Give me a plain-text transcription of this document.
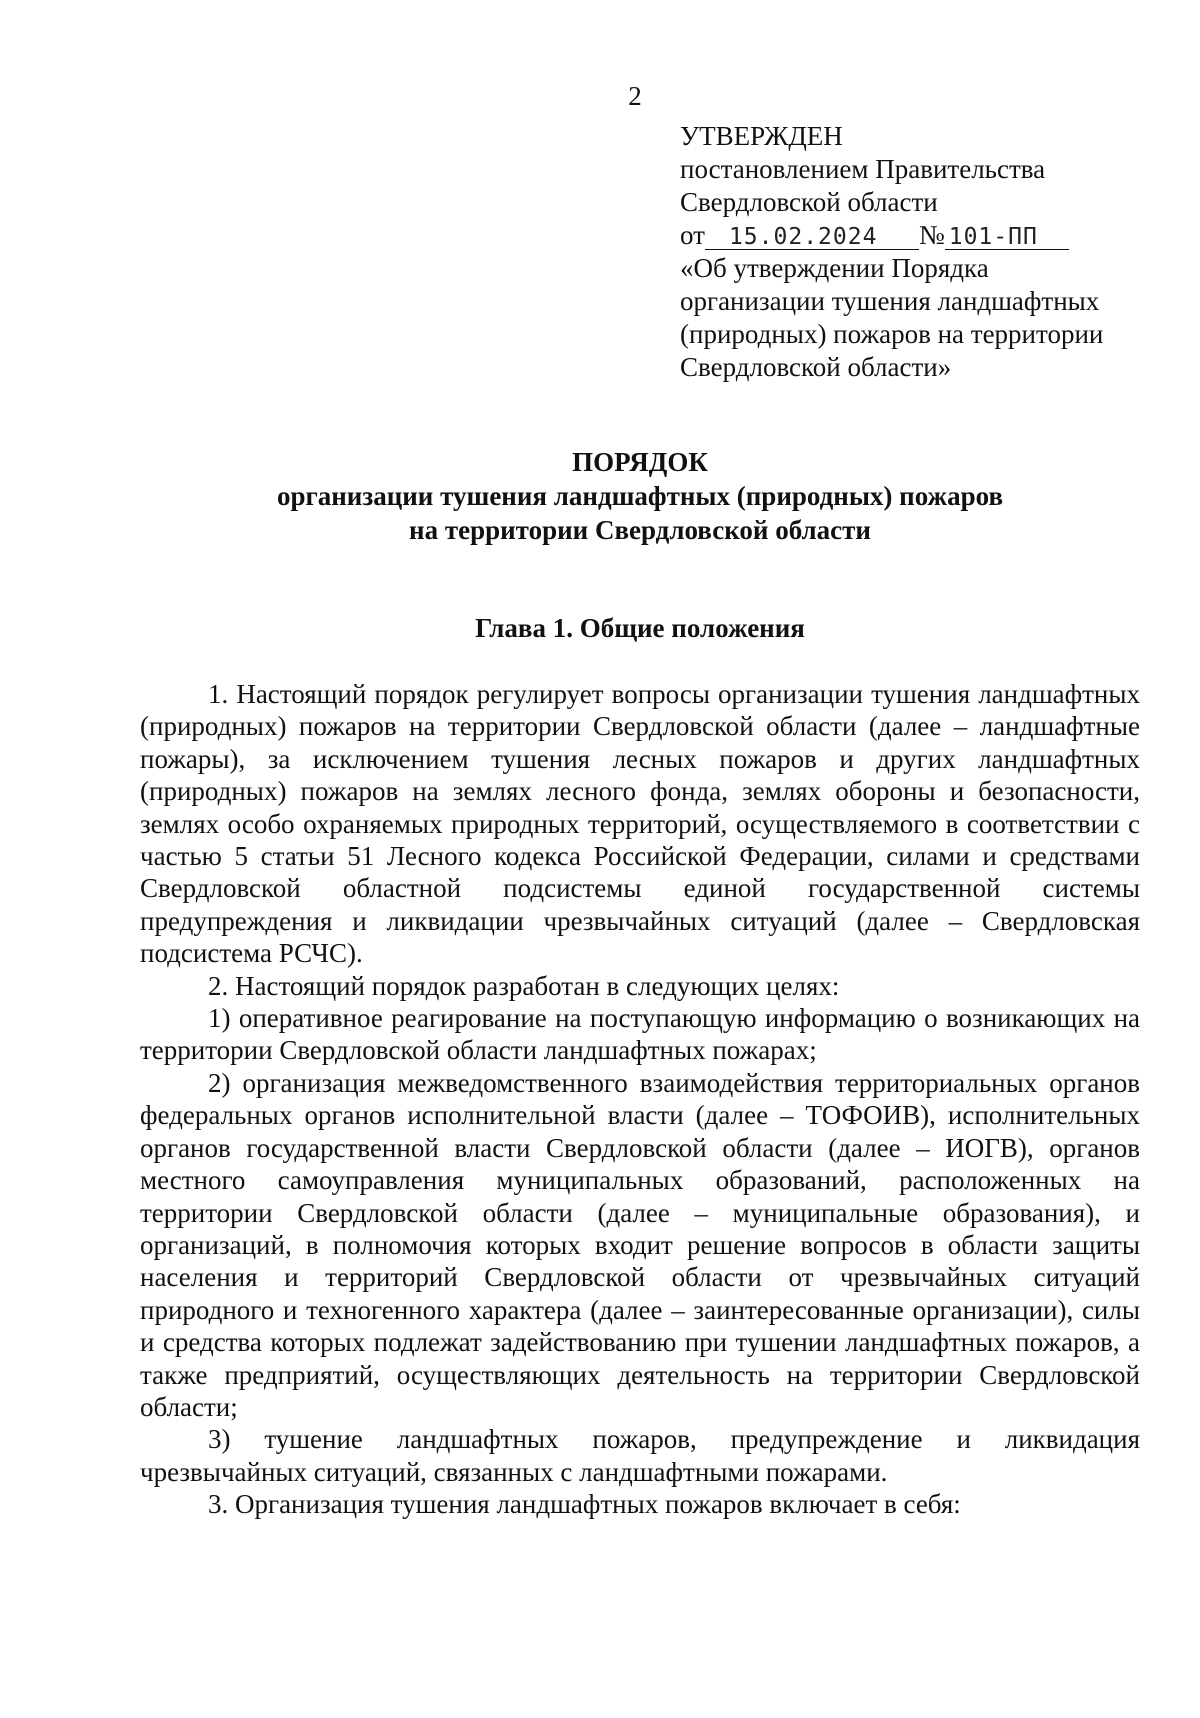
2
УТВЕРЖДЕН
постановлением Правительства
Свердловской области
от 15.02.2024 № 101-ПП
«Об утверждении Порядка
организации тушения ландшафтных
(природных) пожаров на территории
Свердловской области»
ПОРЯДОК
организации тушения ландшафтных (природных) пожаров
на территории Свердловской области
Глава 1. Общие положения

1. Настоящий порядок регулирует вопросы организации тушения ландшафтных (природных) пожаров на территории Свердловской области (далее – ландшафтные пожары), за исключением тушения лесных пожаров и других ландшафтных (природных) пожаров на землях лесного фонда, землях обороны и безопасности, землях особо охраняемых природных территорий, осуществляемого в соответствии с частью 5 статьи 51 Лесного кодекса Российской Федерации, силами и средствами Свердловской областной подсистемы единой государственной системы предупреждения и ликвидации чрезвычайных ситуаций (далее – Свердловская подсистема РСЧС).

2. Настоящий порядок разработан в следующих целях:

1) оперативное реагирование на поступающую информацию о возникающих на территории Свердловской области ландшафтных пожарах;

2) организация межведомственного взаимодействия территориальных органов федеральных органов исполнительной власти (далее – ТОФОИВ), исполнительных органов государственной власти Свердловской области (далее – ИОГВ), органов местного самоуправления муниципальных образований, расположенных на территории Свердловской области (далее – муниципальные образования), и организаций, в полномочия которых входит решение вопросов в области защиты населения и территорий Свердловской области от чрезвычайных ситуаций природного и техногенного характера (далее – заинтересованные организации), силы и средства которых подлежат задействованию при тушении ландшафтных пожаров, а также предприятий, осуществляющих деятельность на территории Свердловской области;

3) тушение ландшафтных пожаров, предупреждение и ликвидация чрезвычайных ситуаций, связанных с ландшафтными пожарами.

3. Организация тушения ландшафтных пожаров включает в себя:
